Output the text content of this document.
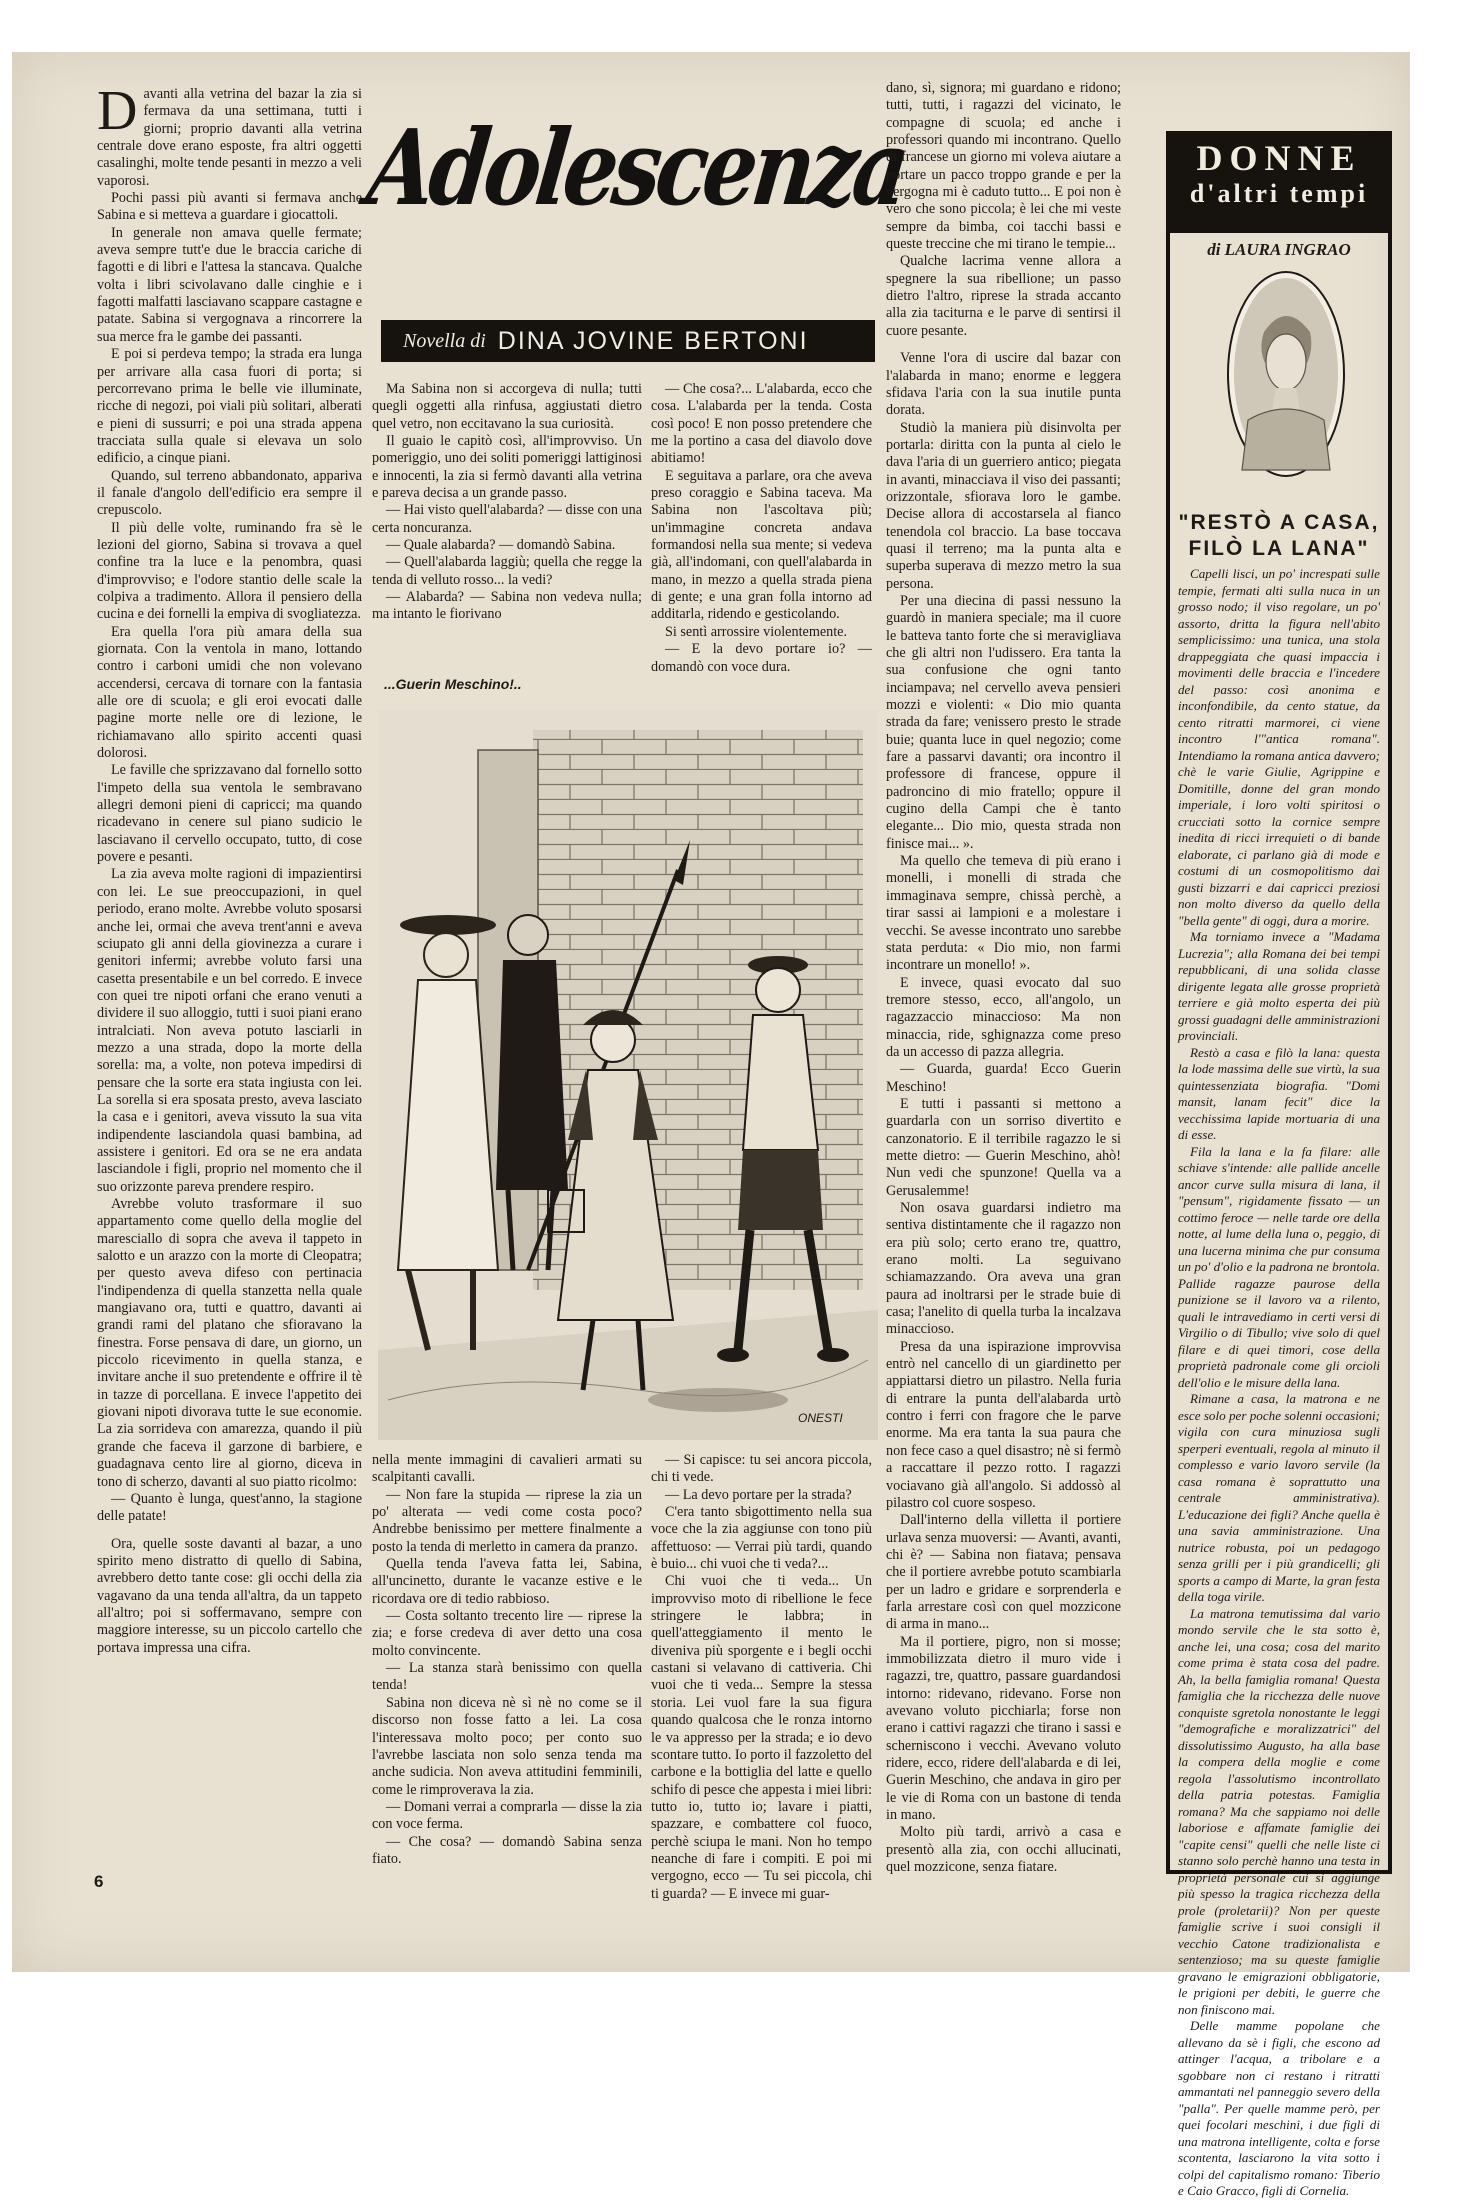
Adolescenza
Novella di DINA JOVINE BERTONI

Davanti alla vetrina del bazar la zia si fermava da una settimana, tutti i giorni; proprio davanti alla vetrina centrale dove erano esposte, fra altri oggetti casalinghi, molte tende pesanti in mezzo a veli vaporosi.

Pochi passi più avanti si fermava anche Sabina e si metteva a guardare i giocattoli.

In generale non amava quelle fermate; aveva sempre tutt'e due le braccia cariche di fagotti e di libri e l'attesa la stancava. Qualche volta i libri scivolavano dalle cinghie e i fagotti malfatti lasciavano scappare castagne e patate. Sabina si vergognava a rincorrere la sua merce fra le gambe dei passanti.

E poi si perdeva tempo; la strada era lunga per arrivare alla casa fuori di porta; si percorrevano prima le belle vie illuminate, ricche di negozi, poi viali più solitari, alberati e pieni di sussurri; e poi una strada appena tracciata sulla quale si elevava un solo edificio, a cinque piani.

Quando, sul terreno abbandonato, appariva il fanale d'angolo dell'edificio era sempre il crepuscolo.

Il più delle volte, ruminando fra sè le lezioni del giorno, Sabina si trovava a quel confine tra la luce e la penombra, quasi d'improvviso; e l'odore stantio delle scale la colpiva a tradimento. Allora il pensiero della cucina e dei fornelli la empiva di svogliatezza.

Era quella l'ora più amara della sua giornata. Con la ventola in mano, lottando contro i carboni umidi che non volevano accendersi, cercava di tornare con la fantasia alle ore di scuola; e gli eroi evocati dalle pagine morte nelle ore di lezione, le richiamavano allo spirito accenti quasi dolorosi.

Le faville che sprizzavano dal fornello sotto l'impeto della sua ventola le sembravano allegri demoni pieni di capricci; ma quando ricadevano in cenere sul piano sudicio le lasciavano il cervello occupato, tutto, di cose povere e pesanti.

La zia aveva molte ragioni di impazientirsi con lei. Le sue preoccupazioni, in quel periodo, erano molte. Avrebbe voluto sposarsi anche lei, ormai che aveva trent'anni e aveva sciupato gli anni della giovinezza a curare i genitori infermi; avrebbe voluto farsi una casetta presentabile e un bel corredo. E invece con quei tre nipoti orfani che erano venuti a dividere il suo alloggio, tutti i suoi piani erano intralciati. Non aveva potuto lasciarli in mezzo a una strada, dopo la morte della sorella: ma, a volte, non poteva impedirsi di pensare che la sorte era stata ingiusta con lei. La sorella si era sposata presto, aveva lasciato la casa e i genitori, aveva vissuto la sua vita indipendente lasciandola quasi bambina, ad assistere i genitori. Ed ora se ne era andata lasciandole i figli, proprio nel momento che il suo orizzonte pareva prendere respiro.

Avrebbe voluto trasformare il suo appartamento come quello della moglie del maresciallo di sopra che aveva il tappeto in salotto e un arazzo con la morte di Cleopatra; per questo aveva difeso con pertinacia l'indipendenza di quella stanzetta nella quale mangiavano ora, tutti e quattro, davanti ai grandi rami del platano che sfioravano la finestra. Forse pensava di dare, un giorno, un piccolo ricevimento in quella stanza, e invitare anche il suo pretendente e offrire il tè in tazze di porcellana. E invece l'appetito dei giovani nipoti divorava tutte le sue economie. La zia sorrideva con amarezza, quando il più grande che faceva il garzone di barbiere, e guadagnava cento lire al giorno, diceva in tono di scherzo, davanti al suo piatto ricolmo:

— Quanto è lunga, quest'anno, la stagione delle patate!

Ora, quelle soste davanti al bazar, a uno spirito meno distratto di quello di Sabina, avrebbero detto tante cose: gli occhi della zia vagavano da una tenda all'altra, da un tappeto all'altro; poi si soffermavano, sempre con maggiore interesse, su un piccolo cartello che portava impressa una cifra.

Ma Sabina non si accorgeva di nulla; tutti quegli oggetti alla rinfusa, aggiustati dietro quel vetro, non eccitavano la sua curiosità.

Il guaio le capitò così, all'improvviso. Un pomeriggio, uno dei soliti pomeriggi lattiginosi e innocenti, la zia si fermò davanti alla vetrina e pareva decisa a un grande passo.

— Hai visto quell'alabarda? — disse con una certa noncuranza.

— Quale alabarda? — domandò Sabina.

— Quell'alabarda laggiù; quella che regge la tenda di velluto rosso... la vedi?

— Alabarda? — Sabina non vedeva nulla; ma intanto le fiorivano

— Che cosa?... L'alabarda, ecco che cosa. L'alabarda per la tenda. Costa così poco! E non posso pretendere che me la portino a casa del diavolo dove abitiamo!

E seguitava a parlare, ora che aveva preso coraggio e Sabina taceva. Ma Sabina non l'ascoltava più; un'immagine concreta andava formandosi nella sua mente; si vedeva già, all'indomani, con quell'alabarda in mano, in mezzo a quella strada piena di gente; e una gran folla intorno ad additarla, ridendo e gesticolando.

Si sentì arrossire violentemente.

— E la devo portare io? — domandò con voce dura.

...Guerin Meschino!..
ONESTI

nella mente immagini di cavalieri armati su scalpitanti cavalli.

— Non fare la stupida — riprese la zia un po' alterata — vedi come costa poco? Andrebbe benissimo per mettere finalmente a posto la tenda di merletto in camera da pranzo.

Quella tenda l'aveva fatta lei, Sabina, all'uncinetto, durante le vacanze estive e le ricordava ore di tedio rabbioso.

— Costa soltanto trecento lire — riprese la zia; e forse credeva di aver detto una cosa molto convincente.

— La stanza starà benissimo con quella tenda!

Sabina non diceva nè sì nè no come se il discorso non fosse fatto a lei. La cosa l'interessava molto poco; per conto suo l'avrebbe lasciata non solo senza tenda ma anche sudicia. Non aveva attitudini femminili, come le rimproverava la zia.

— Domani verrai a comprarla — disse la zia con voce ferma.

— Che cosa? — domandò Sabina senza fiato.

— Si capisce: tu sei ancora piccola, chi ti vede.

— La devo portare per la strada?

C'era tanto sbigottimento nella sua voce che la zia aggiunse con tono più affettuoso: — Verrai più tardi, quando è buio... chi vuoi che ti veda?...

Chi vuoi che ti veda... Un improvviso moto di ribellione le fece stringere le labbra; in quell'atteggiamento il mento le diveniva più sporgente e i begli occhi castani si velavano di cattiveria. Chi vuoi che ti veda... Sempre la stessa storia. Lei vuol fare la sua figura quando qualcosa che le ronza intorno le va appresso per la strada; e io devo scontare tutto. Io porto il fazzoletto del carbone e la bottiglia del latte e quello schifo di pesce che appesta i miei libri: tutto io, tutto io; lavare i piatti, spazzare, e combattere col fuoco, perchè sciupa le mani. Non ho tempo neanche di fare i compiti. E poi mi vergogno, ecco — Tu sei piccola, chi ti guarda? — E invece mi guar-

dano, sì, signora; mi guardano e ridono; tutti, tutti, i ragazzi del vicinato, le compagne di scuola; ed anche i professori quando mi incontrano. Quello di francese un giorno mi voleva aiutare a portare un pacco troppo grande e per la vergogna mi è caduto tutto... E poi non è vero che sono piccola; è lei che mi veste sempre da bimba, coi tacchi bassi e queste treccine che mi tirano le tempie...

Qualche lacrima venne allora a spegnere la sua ribellione; un passo dietro l'altro, riprese la strada accanto alla zia taciturna e le parve di sentirsi il cuore pesante.

Venne l'ora di uscire dal bazar con l'alabarda in mano; enorme e leggera sfidava l'aria con la sua inutile punta dorata.

Studiò la maniera più disinvolta per portarla: diritta con la punta al cielo le dava l'aria di un guerriero antico; piegata in avanti, minacciava il viso dei passanti; orizzontale, sfiorava loro le gambe. Decise allora di accostarsela al fianco tenendola col braccio. La base toccava quasi il terreno; ma la punta alta e superba superava di mezzo metro la sua persona.

Per una diecina di passi nessuno la guardò in maniera speciale; ma il cuore le batteva tanto forte che si meravigliava che gli altri non l'udissero. Era tanta la sua confusione che ogni tanto inciampava; nel cervello aveva pensieri mozzi e violenti: « Dio mio quanta strada da fare; venissero presto le strade buie; quanta luce in quel negozio; come fare a passarvi davanti; ora incontro il professore di francese, oppure il padroncino di mio fratello; oppure il cugino della Campi che è tanto elegante... Dio mio, questa strada non finisce mai... ».

Ma quello che temeva di più erano i monelli, i monelli di strada che immaginava sempre, chissà perchè, a tirar sassi ai lampioni e a molestare i vecchi. Se avesse incontrato uno sarebbe stata perduta: « Dio mio, non farmi incontrare un monello! ».

E invece, quasi evocato dal suo tremore stesso, ecco, all'angolo, un ragazzaccio minaccioso: Ma non minaccia, ride, sghignazza come preso da un accesso di pazza allegria.

— Guarda, guarda! Ecco Guerin Meschino!

E tutti i passanti si mettono a guardarla con un sorriso divertito e canzonatorio. E il terribile ragazzo le si mette dietro: — Guerin Meschino, ahò! Nun vedi che spunzone! Quella va a Gerusalemme!

Non osava guardarsi indietro ma sentiva distintamente che il ragazzo non era più solo; certo erano tre, quattro, erano molti. La seguivano schiamazzando. Ora aveva una gran paura ad inoltrarsi per le strade buie di casa; l'anelito di quella turba la incalzava minaccioso.

Presa da una ispirazione improvvisa entrò nel cancello di un giardinetto per appiattarsi dietro un pilastro. Nella furia di entrare la punta dell'alabarda urtò contro i ferri con fragore che le parve enorme. Ma era tanta la sua paura che non fece caso a quel disastro; nè si fermò a raccattare il pezzo rotto. I ragazzi vociavano già all'angolo. Si addossò al pilastro col cuore sospeso.

Dall'interno della villetta il portiere urlava senza muoversi: — Avanti, avanti, chi è? — Sabina non fiatava; pensava che il portiere avrebbe potuto scambiarla per un ladro e gridare e sorprenderla e farla arrestare così con quel mozzicone di arma in mano...

Ma il portiere, pigro, non si mosse; immobilizzata dietro il muro vide i ragazzi, tre, quattro, passare guardandosi intorno: ridevano, ridevano. Forse non avevano voluto picchiarla; forse non erano i cattivi ragazzi che tirano i sassi e scherniscono i vecchi. Avevano voluto ridere, ecco, ridere dell'alabarda e di lei, Guerin Meschino, che andava in giro per le vie di Roma con un bastone di tenda in mano.

Molto più tardi, arrivò a casa e presentò alla zia, con occhi allucinati, quel mozzicone, senza fiatare.

DONNE
d'altri tempi
di LAURA INGRAO
"RESTÒ A CASA,
FILÒ LA LANA"

Capelli lisci, un po' increspati sulle tempie, fermati alti sulla nuca in un grosso nodo; il viso regolare, un po' assorto, dritta la figura nell'abito semplicissimo: una tunica, una stola drappeggiata che quasi impaccia i movimenti delle braccia e l'incedere del passo: così anonima e inconfondibile, da cento statue, da cento ritratti marmorei, ci viene incontro l'"antica romana". Intendiamo la romana antica davvero; chè le varie Giulie, Agrippine e Domitille, donne del gran mondo imperiale, i loro volti spiritosi o crucciati sotto la cornice sempre inedita di ricci irrequieti o di bande elaborate, ci parlano già di mode e costumi di un cosmopolitismo dai gusti bizzarri e dai capricci preziosi non molto diverso da quello della "bella gente" di oggi, dura a morire.

Ma torniamo invece a "Madama Lucrezia"; alla Romana dei bei tempi repubblicani, di una solida classe dirigente legata alle grosse proprietà terriere e già molto esperta dei più grossi guadagni delle amministrazioni provinciali.

Restò a casa e filò la lana: questa la lode massima delle sue virtù, la sua quintessenziata biografia. "Domi mansit, lanam fecit" dice la vecchissima lapide mortuaria di una di esse.

Fila la lana e la fa filare: alle schiave s'intende: alle pallide ancelle ancor curve sulla misura di lana, il "pensum", rigidamente fissato — un cottimo feroce — nelle tarde ore della notte, al lume della luna o, peggio, di una lucerna minima che pur consuma un po' d'olio e la padrona ne brontola. Pallide ragazze paurose della punizione se il lavoro va a rilento, quali le intravediamo in certi versi di Virgilio o di Tibullo; vive solo di quel filare e di quei timori, cose della proprietà padronale come gli orcioli dell'olio e le misure della lana.

Rimane a casa, la matrona e ne esce solo per poche solenni occasioni; vigila con cura minuziosa sugli sperperi eventuali, regola al minuto il complesso e vario lavoro servile (la casa romana è soprattutto una centrale amministrativa). L'educazione dei figli? Anche quella è una savia amministrazione. Una nutrice robusta, poi un pedagogo senza grilli per i più grandicelli; gli sports a campo di Marte, la gran festa della toga virile.

La matrona temutissima dal vario mondo servile che le sta sotto è, anche lei, una cosa; cosa del marito come prima è stata cosa del padre. Ah, la bella famiglia romana! Questa famiglia che la ricchezza delle nuove conquiste sgretola nonostante le leggi "demografiche e moralizzatrici" del dissolutissimo Augusto, ha alla base la compera della moglie e come regola l'assolutismo incontrollato della patria potestas. Famiglia romana? Ma che sappiamo noi delle laboriose e affamate famiglie dei "capite censi" quelli che nelle liste ci stanno solo perchè hanno una testa in proprietà personale cui si aggiunge più spesso la tragica ricchezza della prole (proletarii)? Non per queste famiglie scrive i suoi consigli il vecchio Catone tradizionalista e sentenzioso; ma su queste famiglie gravano le emigrazioni obbligatorie, le prigioni per debiti, le guerre che non finiscono mai.

Delle mamme popolane che allevano da sè i figli, che escono ad attinger l'acqua, a tribolare e a sgobbare non ci restano i ritratti ammantati nel panneggio severo della "palla". Per quelle mamme però, per quei focolari meschini, i due figli di una matrona intelligente, colta e forse scontenta, lasciarono la vita sotto i colpi del capitalismo romano: Tiberio e Caio Gracco, figli di Cornelia.

6
